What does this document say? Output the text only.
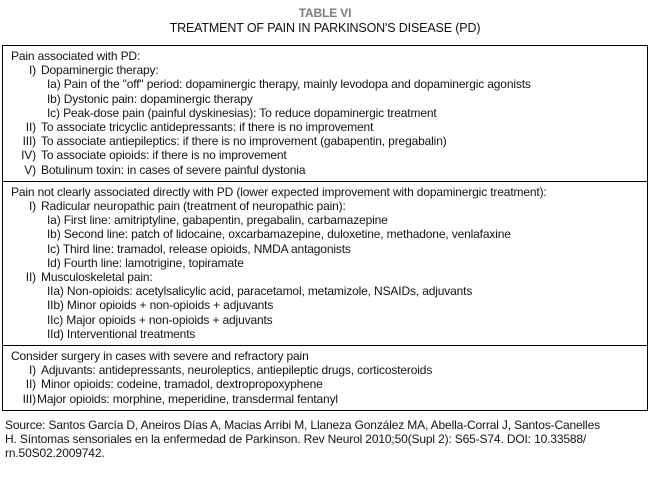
TABLE VI
TREATMENT OF PAIN IN PARKINSON'S DISEASE (PD)
Pain associated with PD:
I) Dopaminergic therapy:
Ia) Pain of the "off" period: dopaminergic therapy, mainly levodopa and dopaminergic agonists
Ib) Dystonic pain: dopaminergic therapy
Ic) Peak-dose pain (painful dyskinesias): To reduce dopaminergic treatment
II) To associate tricyclic antidepressants: if there is no improvement
III) To associate antiepileptics: if there is no improvement (gabapentin, pregabalin)
IV) To associate opioids: if there is no improvement
V) Botulinum toxin: in cases of severe painful dystonia
Pain not clearly associated directly with PD (lower expected improvement with dopaminergic treatment):
I) Radicular neuropathic pain (treatment of neuropathic pain):
Ia) First line: amitriptyline, gabapentin, pregabalin, carbamazepine
Ib) Second line: patch of lidocaine, oxcarbamazepine, duloxetine, methadone, venlafaxine
Ic) Third line: tramadol, release opioids, NMDA antagonists
Id) Fourth line: lamotrigine, topiramate
II) Musculoskeletal pain:
IIa) Non-opioids: acetylsalicylic acid, paracetamol, metamizole, NSAIDs, adjuvants
IIb) Minor opioids + non-opioids + adjuvants
IIc) Major opioids + non-opioids + adjuvants
IId) Interventional treatments
Consider surgery in cases with severe and refractory pain
I) Adjuvants: antidepressants, neuroleptics, antiepileptic drugs, corticosteroids
II) Minor opioids: codeine, tramadol, dextropropoxyphene
III) Major opioids: morphine, meperidine, transdermal fentanyl
Source: Santos García D, Aneiros Días A, Macias Arribi M, Llaneza González MA, Abella-Corral J, Santos-Canelles
H. Síntomas sensoriales en la enfermedad de Parkinson. Rev Neurol 2010;50(Supl 2): S65-S74. DOI: 10.33588/
rn.50S02.2009742.
